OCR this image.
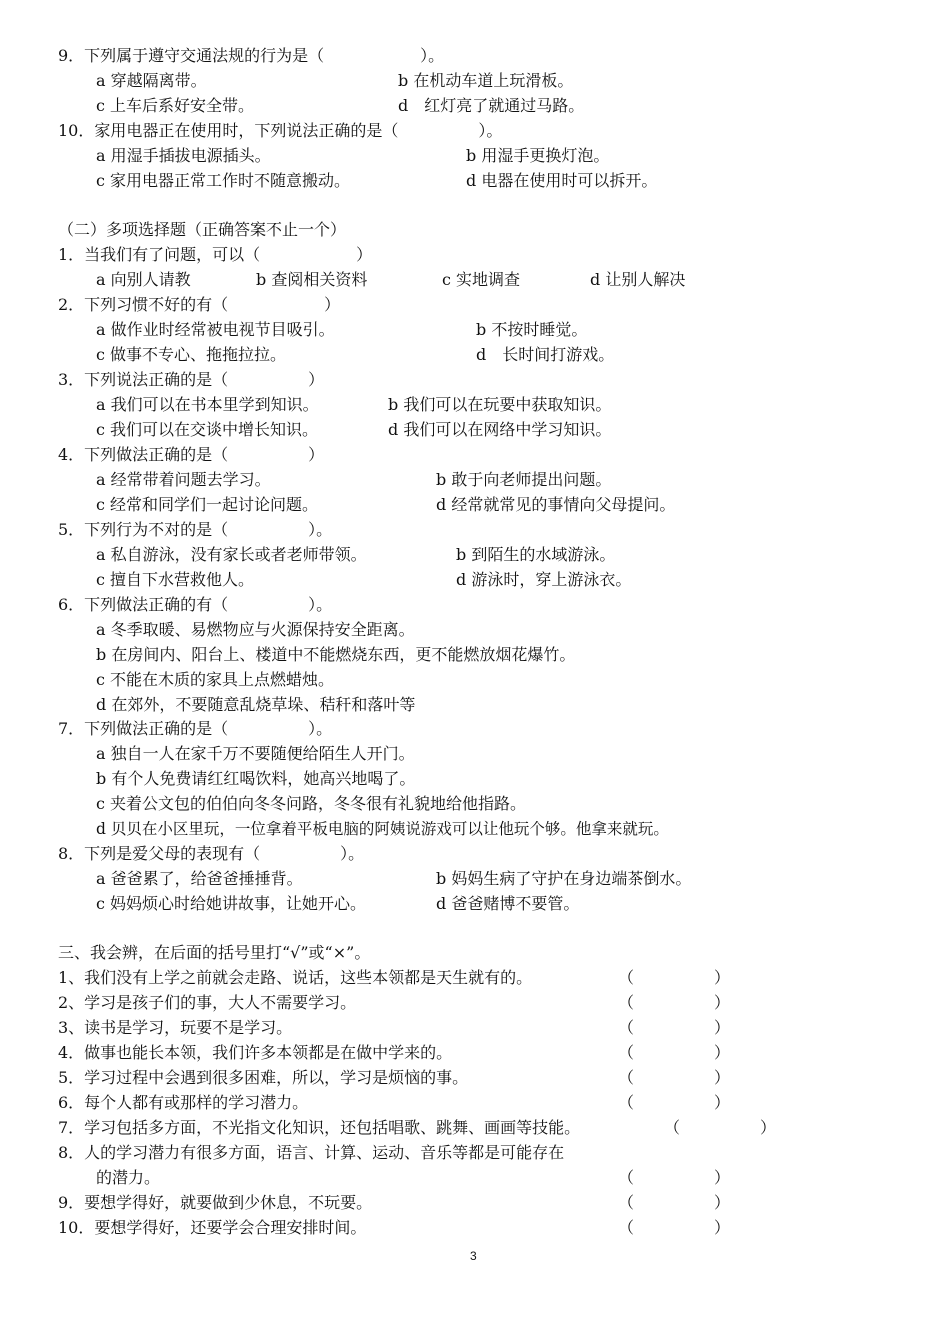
9．下列属于遵守交通法规的行为是（　　　　　　）。
a 穿越隔离带。	b 在机动车道上玩滑板。
c 上车后系好安全带。	d　红灯亮了就通过马路。
10．家用电器正在使用时，下列说法正确的是（　　　　　）。
a 用湿手插拔电源插头。	b 用湿手更换灯泡。
c 家用电器正常工作时不随意搬动。	d 电器在使用时可以拆开。
（二）多项选择题（正确答案不止一个）
1．当我们有了问题，可以（　　　　　　）
a 向别人请教	b 查阅相关资料	c 实地调查	d 让别人解决
2．下列习惯不好的有（　　　　　　）
a 做作业时经常被电视节目吸引。	b 不按时睡觉。
c 做事不专心、拖拖拉拉。	d　长时间打游戏。
3．下列说法正确的是（　　　　　）
a 我们可以在书本里学到知识。	b 我们可以在玩要中获取知识。
c 我们可以在交谈中增长知识。	d 我们可以在网络中学习知识。
4．下列做法正确的是（　　　　　）
a 经常带着问题去学习。	b 敢于向老师提出问题。
c 经常和同学们一起讨论问题。	d 经常就常见的事情向父母提问。
5．下列行为不对的是（　　　　　）。
a 私自游泳，没有家长或者老师带领。	b 到陌生的水域游泳。
c 擅自下水营救他人。	d 游泳时，穿上游泳衣。
6．下列做法正确的有（　　　　　）。
a 冬季取暖、易燃物应与火源保持安全距离。
b 在房间内、阳台上、楼道中不能燃烧东西，更不能燃放烟花爆竹。
c 不能在木质的家具上点燃蜡烛。
d 在郊外，不要随意乱烧草垛、秸秆和落叶等
7．下列做法正确的是（　　　　　）。
a 独自一人在家千万不要随便给陌生人开门。
b 有个人免费请红红喝饮料，她高兴地喝了。
c 夹着公文包的伯伯向冬冬问路，冬冬很有礼貌地给他指路。
d 贝贝在小区里玩，一位拿着平板电脑的阿姨说游戏可以让他玩个够。他拿来就玩。
8．下列是爱父母的表现有（　　　　　）。
a 爸爸累了，给爸爸捶捶背。	b 妈妈生病了守护在身边端茶倒水。
c 妈妈烦心时给她讲故事，让她开心。	d 爸爸赌博不要管。
三、我会辨，在后面的括号里打“√”或“×”。
1、我们没有上学之前就会走路、说话，这些本领都是天生就有的。	（　　　　　）
2、学习是孩子们的事，大人不需要学习。	（　　　　　）
3、读书是学习，玩要不是学习。	（　　　　　）
4．做事也能长本领，我们许多本领都是在做中学来的。	（　　　　　）
5．学习过程中会遇到很多困难，所以，学习是烦恼的事。	（　　　　　）
6．每个人都有或那样的学习潜力。	（　　　　　）
7．学习包括多方面，不光指文化知识，还包括唱歌、跳舞、画画等技能。	（　　　　　）
8．人的学习潜力有很多方面，语言、计算、运动、音乐等都是可能存在
的潜力。	（　　　　　）
9．要想学得好，就要做到少休息，不玩要。	（　　　　　）
10．要想学得好，还要学会合理安排时间。	（　　　　　）
3
